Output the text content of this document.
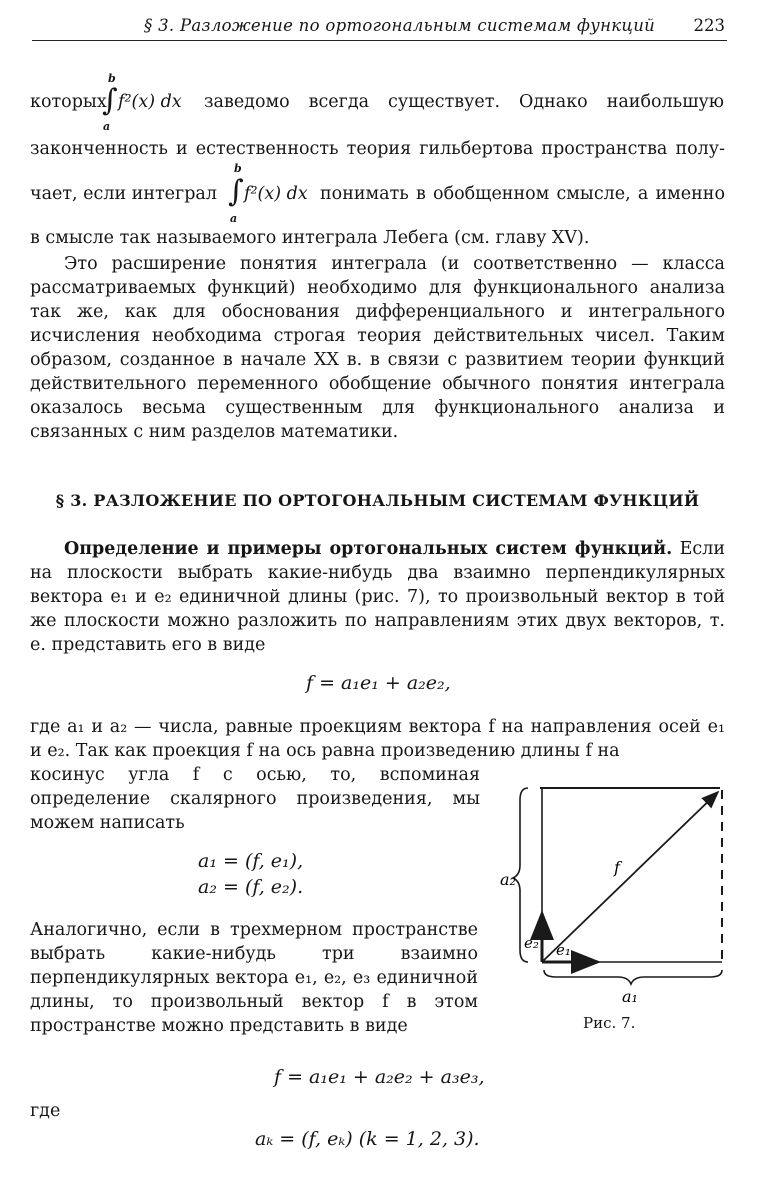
§ 3. Разложение по ортогональным системам функций 223
которых
b
∫
a
f²(x) dx заведомо всегда существует. Однако наибольшую
законченность и естественность теория гильбертова пространства полу-
чает, если интеграл
b
∫
a
f²(x) dx понимать в обобщенном смысле, а именно
в смысле так называемого интеграла Лебега (см. главу XV).
Это расширение понятия интеграла (и соответственно — класса рассматриваемых функций) необходимо для функционального анализа так же, как для обоснования дифференциального и интегрального исчисления необходима строгая теория действительных чисел. Таким образом, созданное в начале XX в. в связи с развитием теории функций действительного переменного обобщение обычного понятия интеграла оказалось весьма существенным для функционального анализа и связанных с ним разделов математики.
§ 3. РАЗЛОЖЕНИЕ ПО ОРТОГОНАЛЬНЫМ СИСТЕМАМ ФУНКЦИЙ
Определение и примеры ортогональных систем функций. Если на плоскости выбрать какие-нибудь два взаимно перпендикулярных вектора e₁ и e₂ единичной длины (рис. 7), то произвольный вектор в той же плоскости можно разложить по направлениям этих двух векторов, т. е. представить его в виде
f = a₁e₁ + a₂e₂,
где a₁ и a₂ — числа, равные проекциям вектора f на направления осей e₁ и e₂. Так как проекция f на ось равна произведению длины f на
косинус угла f с осью, то, вспоминая определение скалярного произведения, мы можем написать
a₁ = (f, e₁),
a₂ = (f, e₂).
Аналогично, если в трехмерном пространстве выбрать какие-нибудь три взаимно перпендикулярных вектора e₁, e₂, e₃ единичной длины, то произвольный вектор f в этом пространстве можно представить в виде
f = a₁e₁ + a₂e₂ + a₃e₃,
где
aₖ = (f, eₖ) (k = 1, 2, 3).
f
e₂ e₁
a₂
a₁
Рис. 7.
